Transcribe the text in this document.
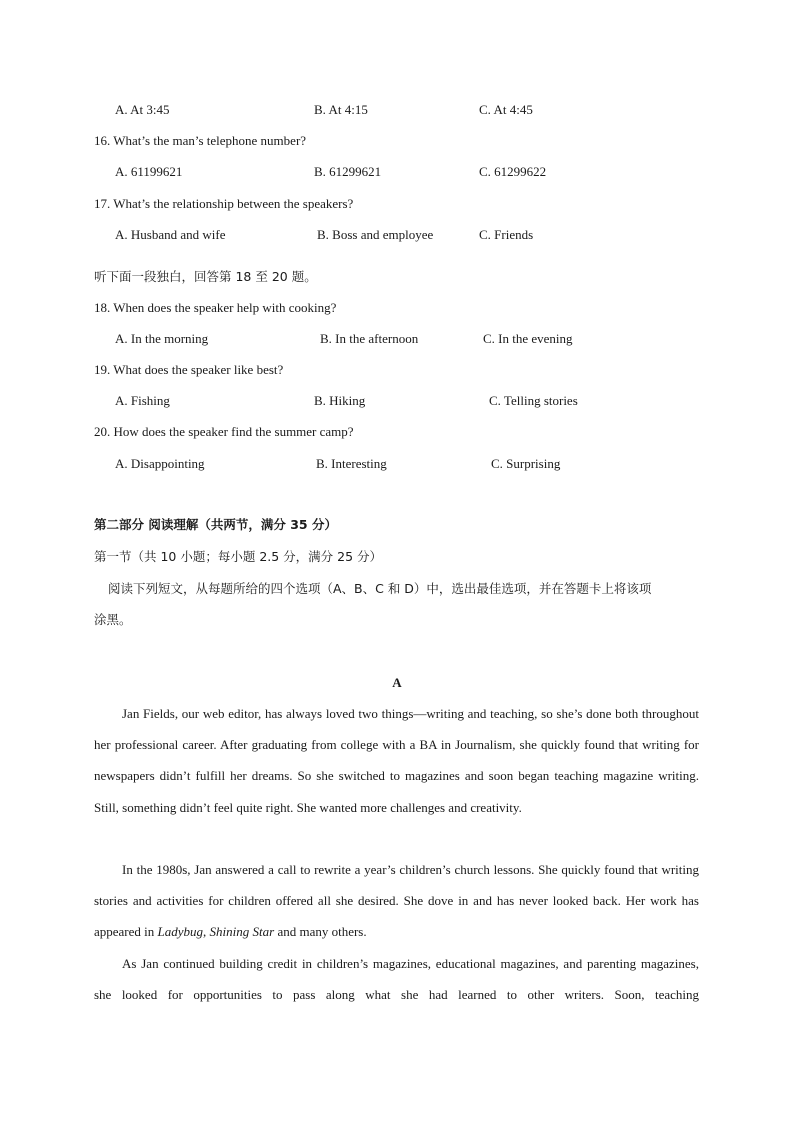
A. At 3:45	B. At 4:15	C. At 4:45
16. What’s the man’s telephone number?
A. 61199621	B. 61299621	C. 61299622
17. What’s the relationship between the speakers?
A. Husband and wife	B. Boss and employee	C. Friends
听下面一段独白，回答第 18 至 20 题。
18. When does the speaker help with cooking?
A. In the morning	B. In the afternoon	C. In the evening
19. What does the speaker like best?
A. Fishing	B. Hiking	C. Telling stories
20. How does the speaker find the summer camp?
A. Disappointing	B. Interesting	C. Surprising
第二部分 阅读理解（共两节，满分 35 分）
第一节（共 10 小题；每小题 2.5 分，满分 25 分）
阅读下列短文，从每题所给的四个选项（A、B、C 和 D）中，选出最佳选项，并在答题卡上将该项
涂黑。
A
Jan Fields, our web editor, has always loved two things—writing and teaching, so she’s done both throughout her professional career. After graduating from college with a BA in Journalism, she quickly found that writing for newspapers didn’t fulfill her dreams. So she switched to magazines and soon began teaching magazine writing. Still, something didn’t feel quite right. She wanted more challenges and creativity.
In the 1980s, Jan answered a call to rewrite a year’s children’s church lessons. She quickly found that writing stories and activities for children offered all she desired. She dove in and has never looked back. Her work has appeared in Ladybug, Shining Star and many others.
As Jan continued building credit in children’s magazines, educational magazines, and parenting magazines, she looked for opportunities to pass along what she had learned to other writers. Soon, teaching
